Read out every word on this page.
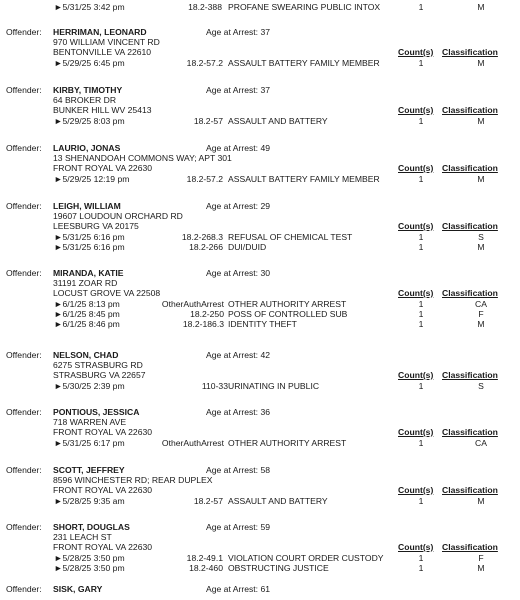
►5/31/25 3:42 pm	18.2-388 PROFANE SWEARING PUBLIC INTOX	1	M
Offender: HERRIMAN, LEONARD	Age at Arrest: 37
970 WILLIAM VINCENT RD
BENTONVILLE VA 22610	Count(s) Classification
►5/29/25 6:45 pm	18.2-57.2 ASSAULT BATTERY FAMILY MEMBER	1	M
Offender: KIRBY, TIMOTHY	Age at Arrest: 37
64 BROKER DR
BUNKER HILL WV 25413	Count(s) Classification
►5/29/25 8:03 pm	18.2-57 ASSAULT AND BATTERY	1	M
Offender: LAURIO, JONAS	Age at Arrest: 49
13 SHENANDOAH COMMONS WAY; APT 301
FRONT ROYAL VA 22630	Count(s) Classification
►5/29/25 12:19 pm	18.2-57.2 ASSAULT BATTERY FAMILY MEMBER	1	M
Offender: LEIGH, WILLIAM	Age at Arrest: 29
19607 LOUDOUN ORCHARD RD
LEESBURG VA 20175	Count(s) Classification
►5/31/25 6:16 pm	18.2-268.3 REFUSAL OF CHEMICAL TEST	1	S
►5/31/25 6:16 pm	18.2-266 DUI/DUID	1	M
Offender: MIRANDA, KATIE	Age at Arrest: 30
31191 ZOAR RD
LOCUST GROVE VA 22508	Count(s) Classification
►6/1/25 8:13 pm	OtherAuthArrest OTHER AUTHORITY ARREST	1	CA
►6/1/25 8:45 pm	18.2-250 POSS OF CONTROLLED SUB	1	F
►6/1/25 8:46 pm	18.2-186.3 IDENTITY THEFT	1	M
Offender: NELSON, CHAD	Age at Arrest: 42
6275 STRASBURG RD
STRASBURG VA 22657	Count(s) Classification
►5/30/25 2:39 pm	110-33 URINATING IN PUBLIC	1	S
Offender: PONTIOUS, JESSICA	Age at Arrest: 36
718 WARREN AVE
FRONT ROYAL VA 22630	Count(s) Classification
►5/31/25 6:17 pm	OtherAuthArrest OTHER AUTHORITY ARREST	1	CA
Offender: SCOTT, JEFFREY	Age at Arrest: 58
8596 WINCHESTER RD; REAR DUPLEX
FRONT ROYAL VA 22630	Count(s) Classification
►5/28/25 9:35 am	18.2-57 ASSAULT AND BATTERY	1	M
Offender: SHORT, DOUGLAS	Age at Arrest: 59
231 LEACH ST
FRONT ROYAL VA 22630	Count(s) Classification
►5/28/25 3:50 pm	18.2-49.1 VIOLATION COURT ORDER CUSTODY	1	F
►5/28/25 3:50 pm	18.2-460 OBSTRUCTING JUSTICE	1	M
Offender: SISK, GARY	Age at Arrest: 61
